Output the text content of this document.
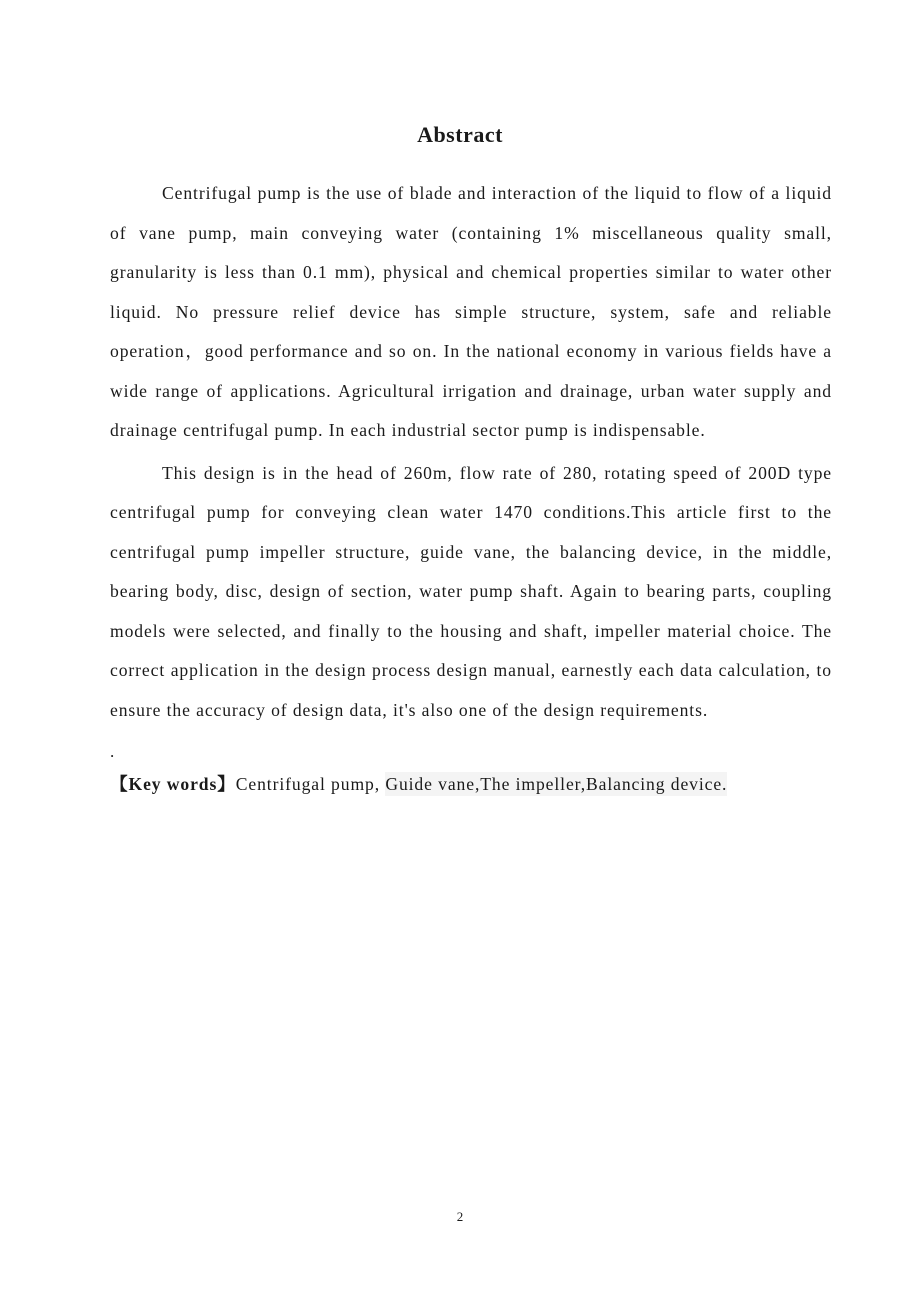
Abstract

Centrifugal pump is the use of blade and interaction of the liquid to flow of a liquid of vane pump, main conveying water (containing 1% miscellaneous quality small, granularity is less than 0.1 mm), physical and chemical properties similar to water other liquid. No pressure relief device has simple structure, system, safe and reliable operation，good performance and so on. In the national economy in various fields have a wide range of applications. Agricultural irrigation and drainage, urban water supply and drainage centrifugal pump. In each industrial sector pump is indispensable.

This design is in the head of 260m, flow rate of 280, rotating speed of 200D type centrifugal pump for conveying clean water 1470 conditions.This article first to the centrifugal pump impeller structure, guide vane, the balancing device, in the middle, bearing body, disc, design of section, water pump shaft. Again to bearing parts, coupling models were selected, and finally to the housing and shaft, impeller material choice. The correct application in the design process design manual, earnestly each data calculation, to ensure the accuracy of design data, it's also one of the design requirements.

.

【Key words】Centrifugal pump, Guide vane,The impeller,Balancing device.

2
